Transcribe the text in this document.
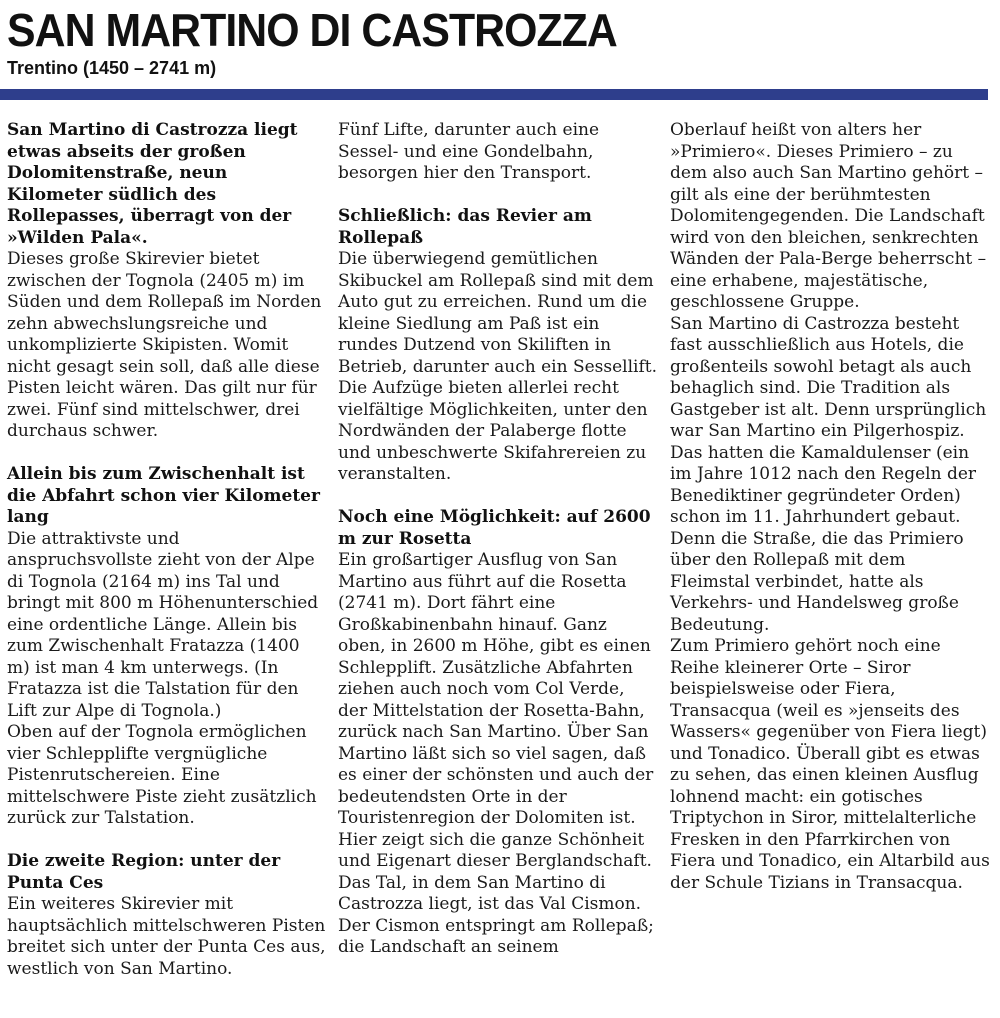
SAN MARTINO DI CASTROZZA
Trentino (1450 – 2741 m)

San Martino di Castrozza liegt etwas abseits der großen Dolomitenstraße, neun Kilometer südlich des Rollepasses, überragt von der »Wilden Pala«.

Dieses große Skirevier bietet zwischen der Tognola (2405 m) im Süden und dem Rollepaß im Norden zehn abwechslungsreiche und unkomplizierte Skipisten. Womit nicht gesagt sein soll, daß alle diese Pisten leicht wären. Das gilt nur für zwei. Fünf sind mittelschwer, drei durchaus schwer.

Allein bis zum Zwischenhalt ist die Abfahrt schon vier Kilometer lang

Die attraktivste und anspruchsvollste zieht von der Alpe di Tognola (2164 m) ins Tal und bringt mit 800 m Höhenunterschied eine ordentliche Länge. Allein bis zum Zwischenhalt Fratazza (1400 m) ist man 4 km unterwegs. (In Fratazza ist die Talstation für den Lift zur Alpe di Tognola.)

Oben auf der Tognola ermöglichen vier Schlepplifte vergnügliche Pistenrutschereien. Eine mittelschwere Piste zieht zusätzlich zurück zur Talstation.

Die zweite Region: unter der Punta Ces

Ein weiteres Skirevier mit hauptsächlich mittelschweren Pisten breitet sich unter der Punta Ces aus, westlich von San Martino.

Fünf Lifte, darunter auch eine Sessel- und eine Gondelbahn, besorgen hier den Transport.

Schließlich: das Revier am Rollepaß

Die überwiegend gemütlichen Skibuckel am Rollepaß sind mit dem Auto gut zu erreichen. Rund um die kleine Siedlung am Paß ist ein rundes Dutzend von Skiliften in Betrieb, darunter auch ein Sessellift. Die Aufzüge bieten allerlei recht vielfältige Möglichkeiten, unter den Nordwänden der Palaberge flotte und unbeschwerte Skifahrereien zu veranstalten.

Noch eine Möglichkeit: auf 2600 m zur Rosetta

Ein großartiger Ausflug von San Martino aus führt auf die Rosetta (2741 m). Dort fährt eine Großkabinenbahn hinauf. Ganz oben, in 2600 m Höhe, gibt es einen Schlepplift. Zusätzliche Abfahrten ziehen auch noch vom Col Verde, der Mittelstation der Rosetta-Bahn, zurück nach San Martino. Über San Martino läßt sich so viel sagen, daß es einer der schönsten und auch der bedeutendsten Orte in der Touristenregion der Dolomiten ist. Hier zeigt sich die ganze Schönheit und Eigenart dieser Berglandschaft.

Das Tal, in dem San Martino di Castrozza liegt, ist das Val Cismon. Der Cismon entspringt am Rollepaß; die Landschaft an seinem

Oberlauf heißt von alters her »Primiero«. Dieses Primiero – zu dem also auch San Martino gehört – gilt als eine der berühmtesten Dolomitengegenden. Die Landschaft wird von den bleichen, senkrechten Wänden der Pala-Berge beherrscht – eine erhabene, majestätische, geschlossene Gruppe.

San Martino di Castrozza besteht fast ausschließlich aus Hotels, die großenteils sowohl betagt als auch behaglich sind. Die Tradition als Gastgeber ist alt. Denn ursprünglich war San Martino ein Pilgerhospiz. Das hatten die Kamaldulenser (ein im Jahre 1012 nach den Regeln der Benediktiner gegründeter Orden) schon im 11. Jahrhundert gebaut. Denn die Straße, die das Primiero über den Rollepaß mit dem Fleimstal verbindet, hatte als Verkehrs- und Handelsweg große Bedeutung.

Zum Primiero gehört noch eine Reihe kleinerer Orte – Siror beispielsweise oder Fiera, Transacqua (weil es »jenseits des Wassers« gegenüber von Fiera liegt) und Tonadico. Überall gibt es etwas zu sehen, das einen kleinen Ausflug lohnend macht: ein gotisches Triptychon in Siror, mittelalterliche Fresken in den Pfarrkirchen von Fiera und Tonadico, ein Altarbild aus der Schule Tizians in Transacqua.
